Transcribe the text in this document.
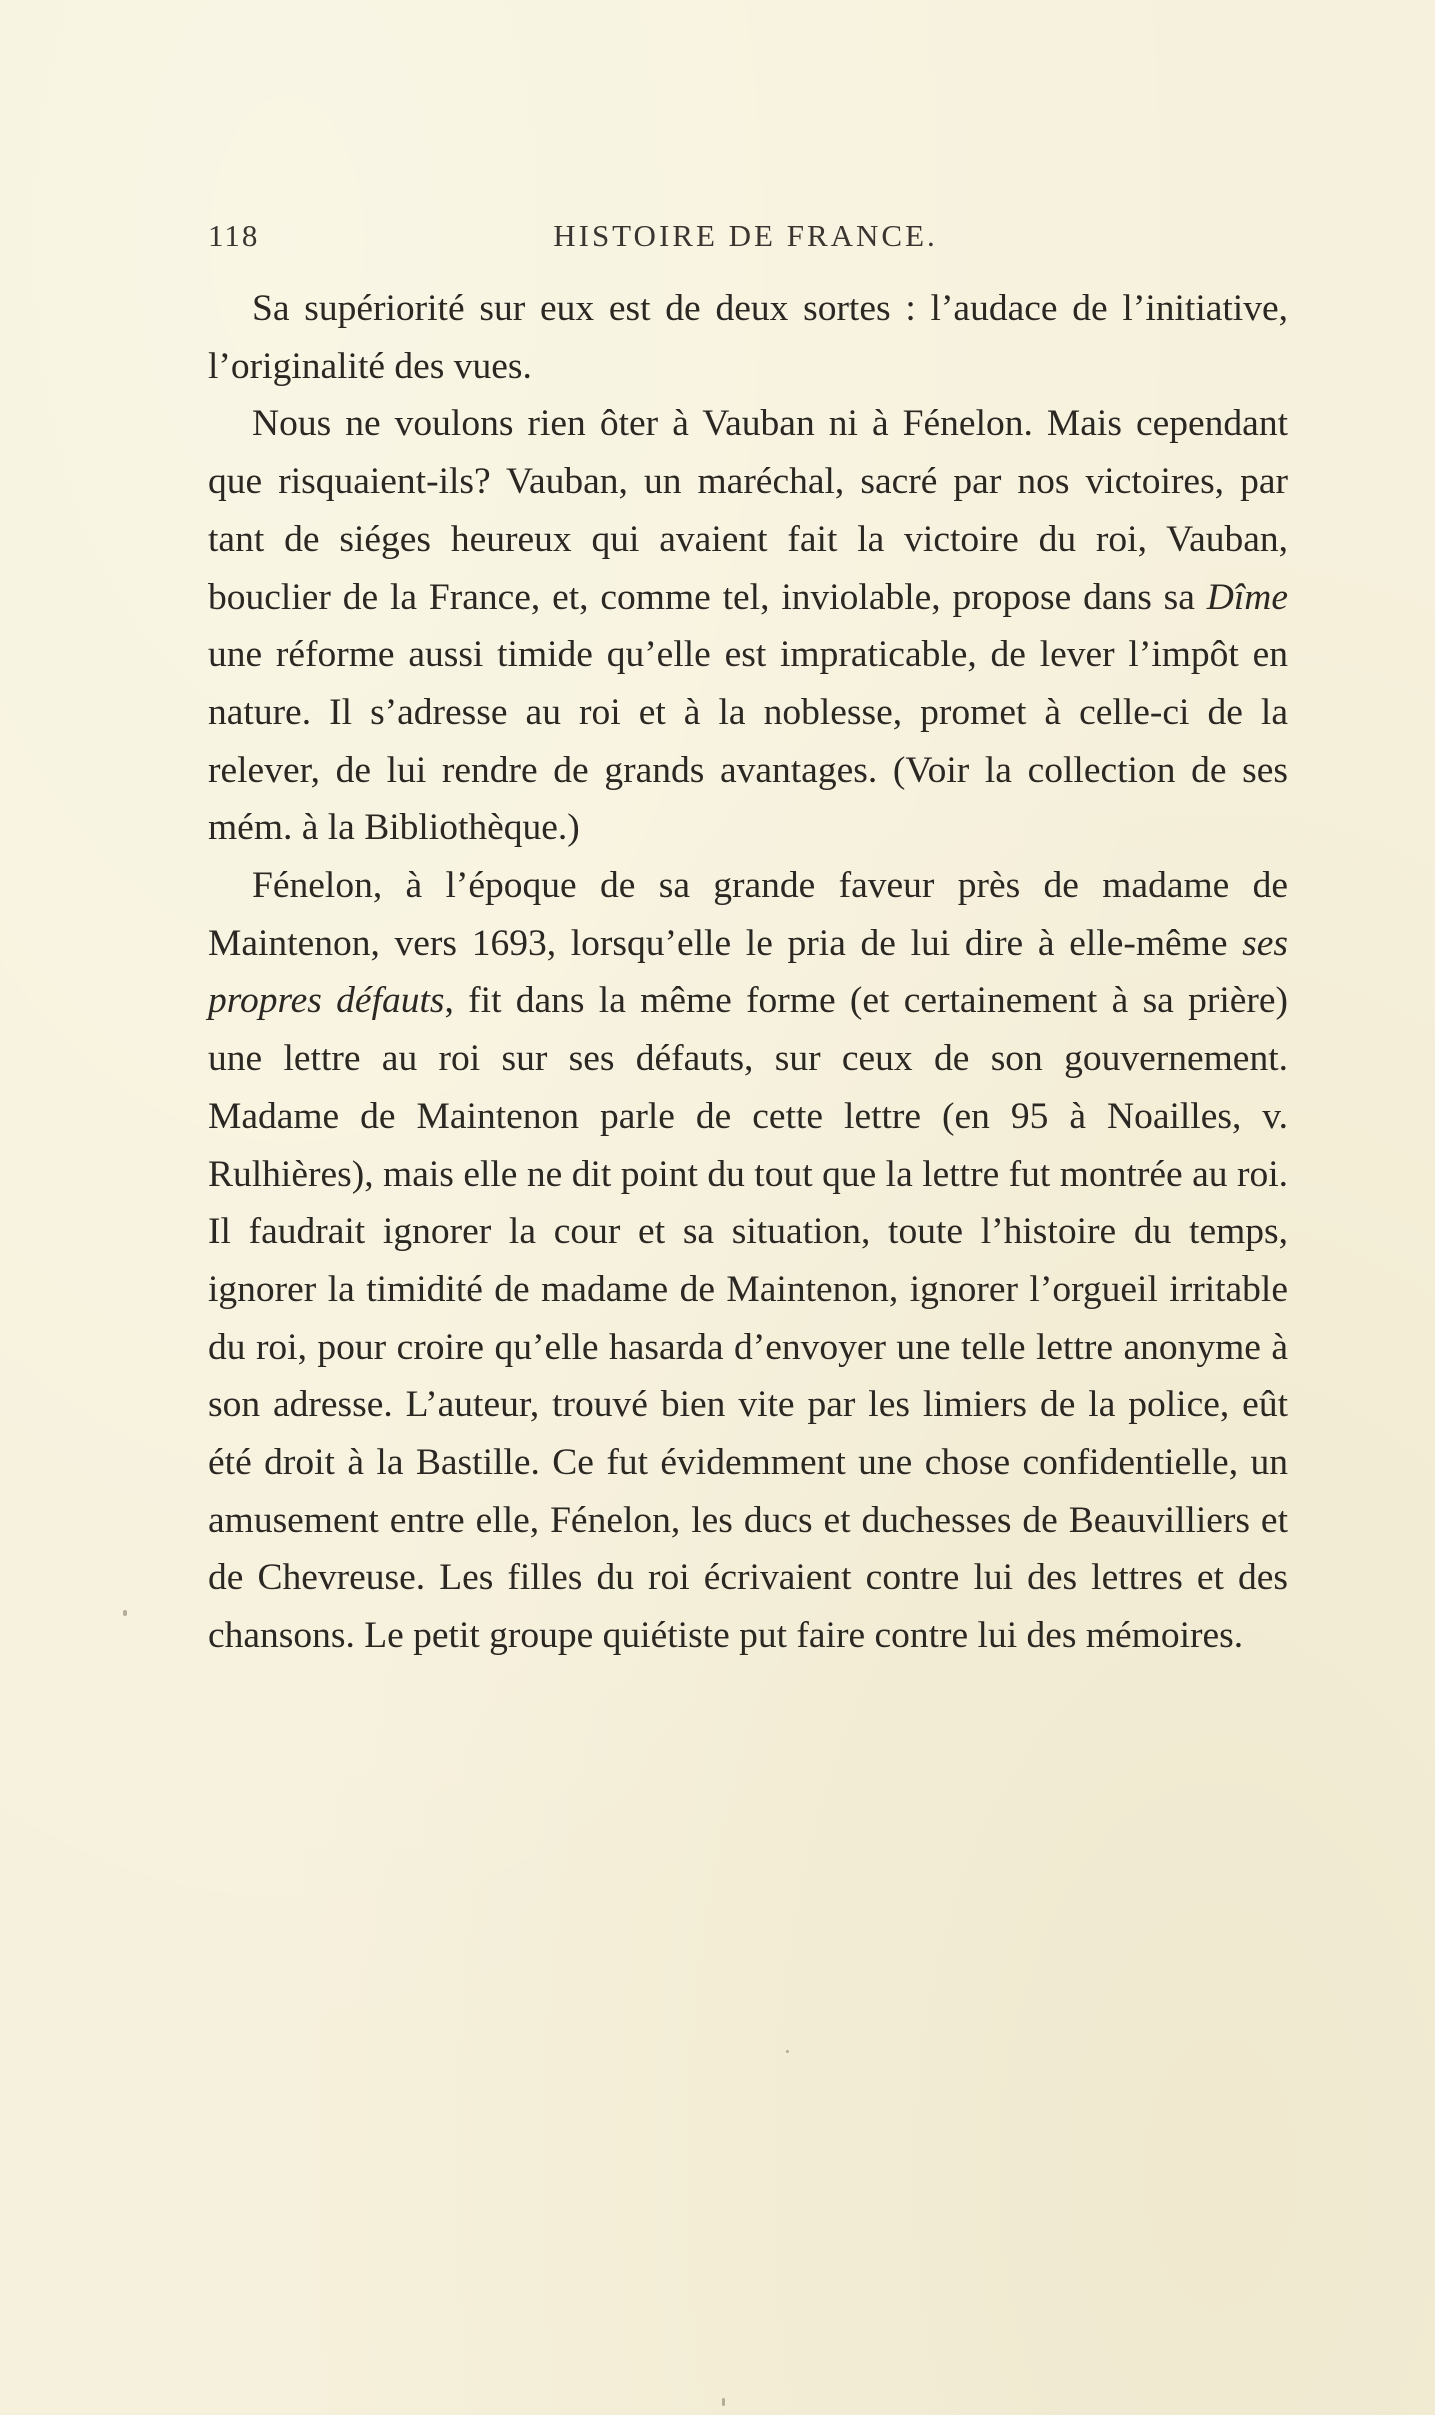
118	HISTOIRE DE FRANCE.

Sa supériorité sur eux est de deux sortes : l’audace de l’initiative, l’originalité des vues.

Nous ne voulons rien ôter à Vauban ni à Fénelon. Mais cependant que risquaient-ils? Vauban, un maréchal, sacré par nos victoires, par tant de siéges heureux qui avaient fait la victoire du roi, Vauban, bouclier de la France, et, comme tel, inviolable, propose dans sa Dîme une réforme aussi timide qu’elle est impraticable, de lever l’impôt en nature. Il s’adresse au roi et à la noblesse, promet à celle-ci de la relever, de lui rendre de grands avantages. (Voir la collection de ses mém. à la Bibliothèque.)

Fénelon, à l’époque de sa grande faveur près de madame de Maintenon, vers 1693, lorsqu’elle le pria de lui dire à elle-même ses propres défauts, fit dans la même forme (et certainement à sa prière) une lettre au roi sur ses défauts, sur ceux de son gouvernement. Madame de Maintenon parle de cette lettre (en 95 à Noailles, v. Rulhières), mais elle ne dit point du tout que la lettre fut montrée au roi. Il faudrait ignorer la cour et sa situation, toute l’histoire du temps, ignorer la timidité de madame de Maintenon, ignorer l’orgueil irritable du roi, pour croire qu’elle hasarda d’envoyer une telle lettre anonyme à son adresse. L’auteur, trouvé bien vite par les limiers de la police, eût été droit à la Bastille. Ce fut évidemment une chose confidentielle, un amusement entre elle, Fénelon, les ducs et duchesses de Beauvilliers et de Chevreuse. Les filles du roi écrivaient contre lui des lettres et des chansons. Le petit groupe quiétiste put faire contre lui des mémoires.
